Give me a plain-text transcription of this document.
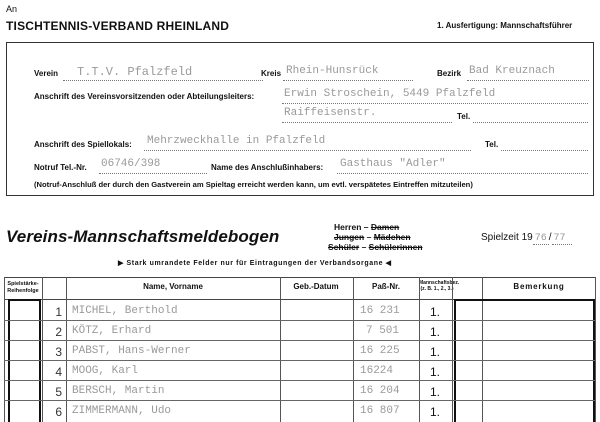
An
TISCHTENNIS-VERBAND RHEINLAND	1. Ausfertigung: Mannschaftsführer
Verein T.T.V. Pfalzfeld	Kreis Rhein-Hunsrück	Bezirk Bad Kreuznach
Anschrift des Vereinsvorsitzenden oder Abteilungsleiters:	Erwin Stroschein, 5449 Pfalzfeld
Raiffeisenstr.	Tel.
Anschrift des Spiellokals: Mehrzweckhalle in Pfalzfeld	Tel.
Notruf Tel.-Nr. 06746/398	Name des Anschlußinhabers: Gasthaus "Adler"
(Notruf-Anschluß der durch den Gastverein am Spieltag erreicht werden kann, um evtl. verspätetes Eintreffen mitzuteilen)
Vereins-Mannschaftsmeldebogen	Herren – Damen
Jungen – Mädchen
Schüler – Schülerinnen
Spielzeit 19 76 / 77
▶ Stark umrandete Felder nur für Eintragungen der Verbandsorgane ◀
Spielstärke-Reihenfolge	Name, Vorname	Geb.-Datum	Paß-Nr.	Mannschaftsbez. (z. B. 1., 2., 3.)	Bemerkung
1 MICHEL, Berthold	16 231	1.
2 KÖTZ, Erhard	7 501	1.
3 PABST, Hans-Werner	16 225	1.
4 MOOG, Karl	16224	1.
5 BERSCH, Martin	16 204	1.
6 ZIMMERMANN, Udo	16 807	1.
